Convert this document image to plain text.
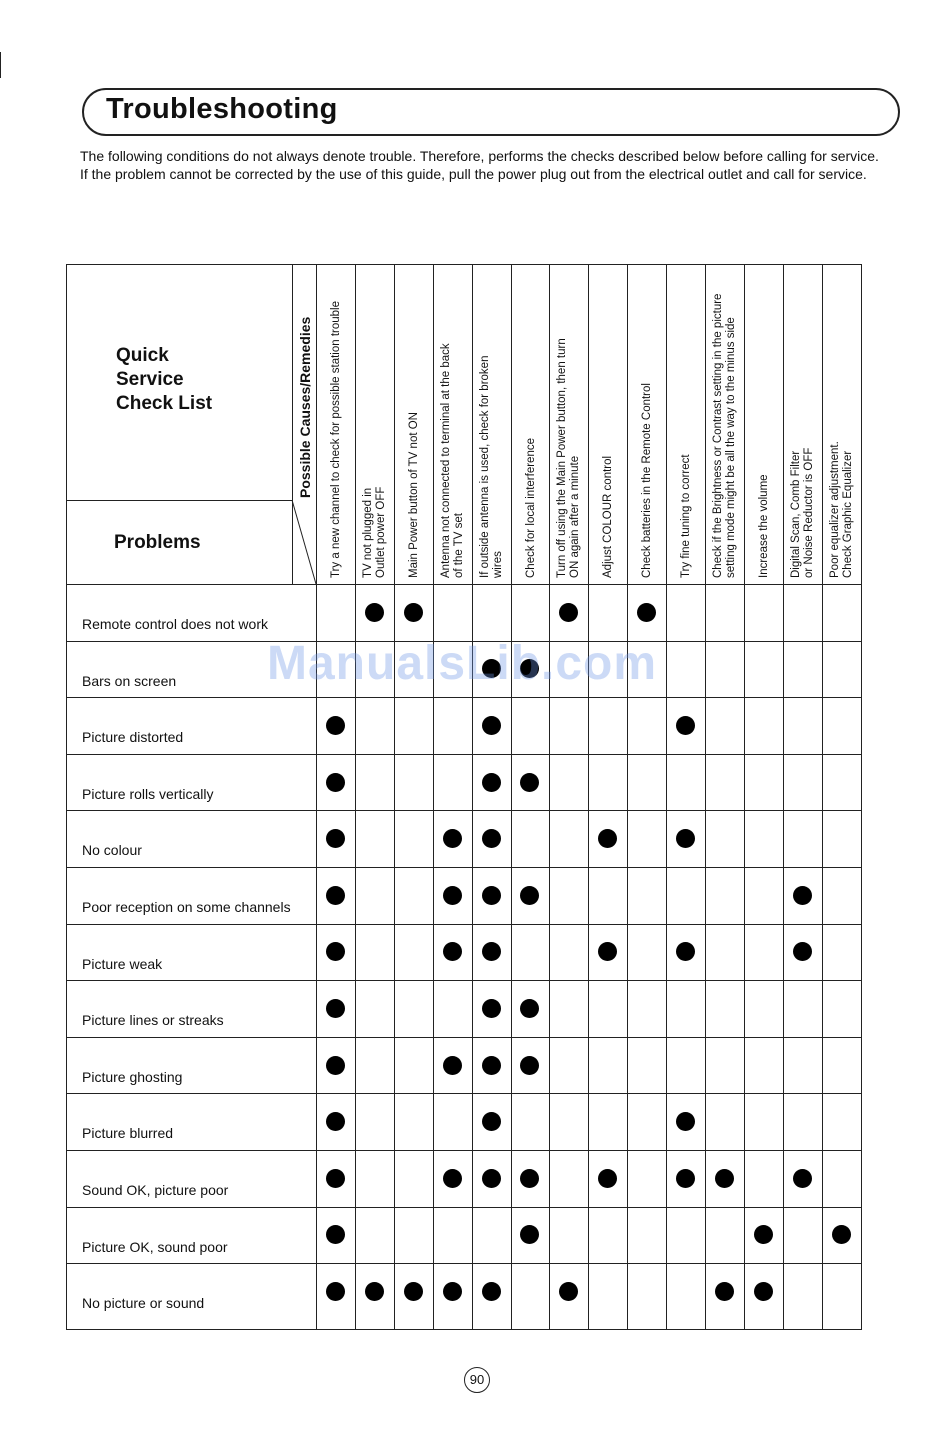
Troubleshooting

The following conditions do not always denote trouble. Therefore, performs the checks described below before calling for service.

If the problem cannot be corrected by the use of this guide, pull the power plug out from the electrical outlet and call for service.

Quick
Service
Check List
Problems
Possible Causes/Remedies Try a new channel to check for possible station trouble TV not plugged in Outlet power OFF Main Power button of TV not ON Antenna not connected to terminal at the back of the TV set If outside antenna is used, check for broken wires Check for local interference Turn off using the Main Power button, then turn ON again after a minute Adjust COLOUR control Check batteries in the Remote Control Try fine tuning to correct Check if the Brightness or Contrast setting in the picture setting mode might be all the way to the minus side Increase the volume Digital Scan, Comb Filter or Noise Reductor is OFF Poor equalizer adjustment. Check Graphic Equalizer
Remote control does not work
Bars on screen
Picture distorted
Picture rolls vertically
No colour
Poor reception on some channels
Picture weak
Picture lines or streaks
Picture ghosting
Picture blurred
Sound OK, picture poor
Picture OK, sound poor
No picture or sound
ManualsLib.com
90
